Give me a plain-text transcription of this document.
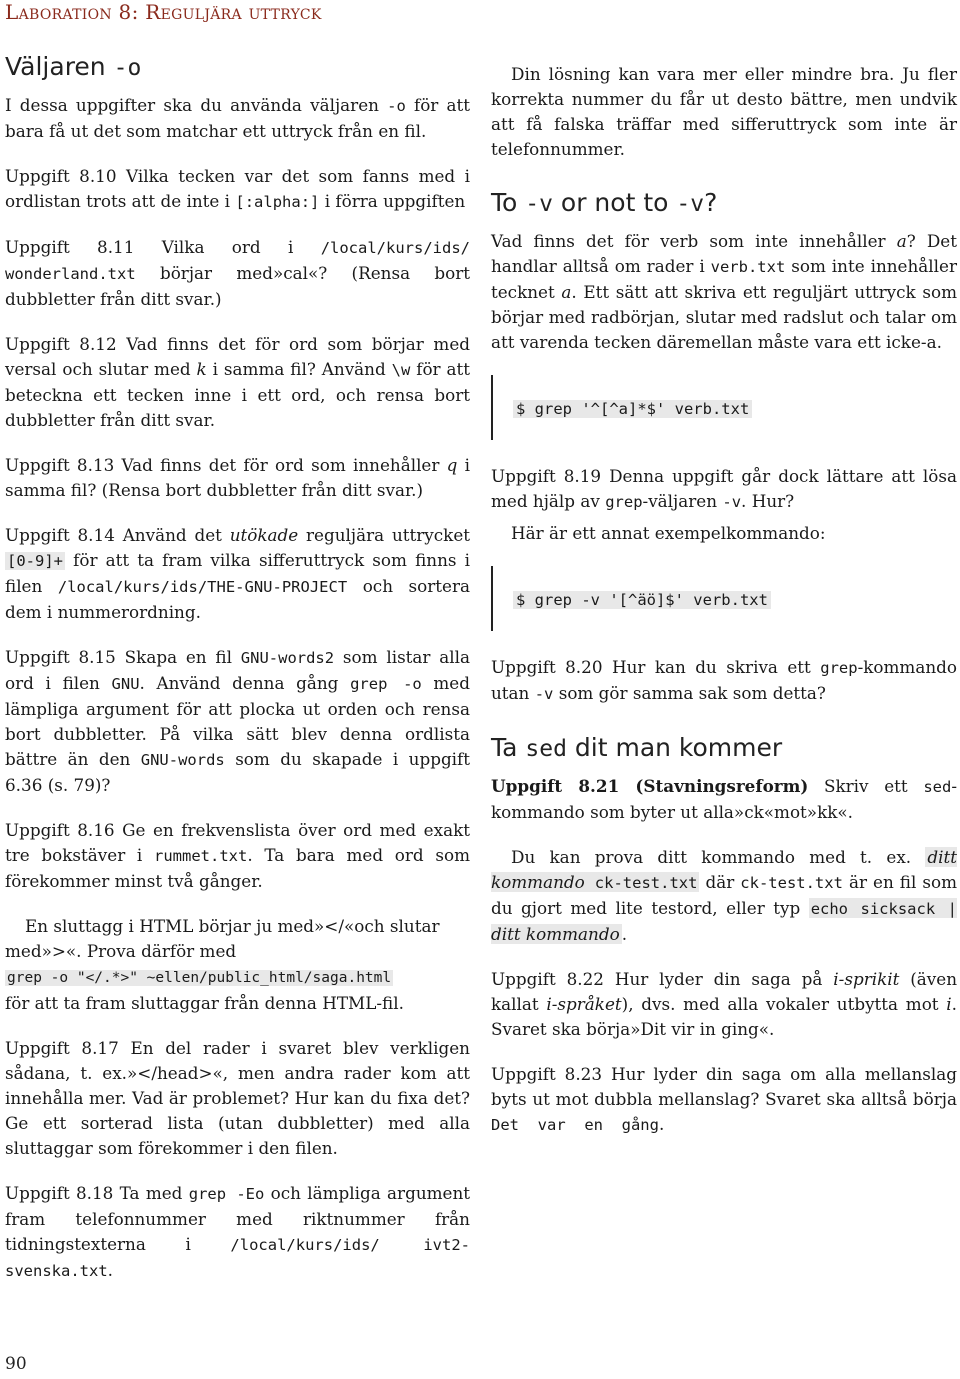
Laboration 8: Reguljära uttryck
Väljaren -o

I dessa uppgifter ska du använda väljaren -o för att bara få ut det som matchar ett uttryck från en fil.

Uppgift 8.10 Vilka tecken var det som fanns med i ordlistan trots att de inte i [:alpha:] i förra uppgiften

Uppgift 8.11 Vilka ord i /local/kurs/ids/ wonderland.txt börjar med»cal«? (Rensa bort dubbletter från ditt svar.)

Uppgift 8.12 Vad finns det för ord som börjar med versal och slutar med k i samma fil? Använd \w för att beteckna ett tecken inne i ett ord, och rensa bort dubbletter från ditt svar.

Uppgift 8.13 Vad finns det för ord som innehåller q i samma fil? (Rensa bort dubbletter från ditt svar.)

Uppgift 8.14 Använd det utökade reguljära uttrycket [0-9]+ för att ta fram vilka sifferuttryck som finns i filen /local/kurs/ids/THE-GNU-PROJECT och sortera dem i nummerordning.

Uppgift 8.15 Skapa en fil GNU-words2 som listar alla ord i filen GNU. Använd denna gång grep -o med lämpliga argument för att plocka ut orden och rensa bort dubbletter. På vilka sätt blev denna ordlista bättre än den GNU-words som du skapade i uppgift 6.36 (s. 79)?

Uppgift 8.16 Ge en frekvenslista över ord med exakt tre bokstäver i rummet.txt. Ta bara med ord som förekommer minst två gånger.

En sluttagg i HTML börjar ju med»</«och slutar med»>«. Prova därför med
grep -o "</.*>" ~ellen/public_html/saga.html
för att ta fram sluttaggar från denna HTML-fil.

Uppgift 8.17 En del rader i svaret blev verkligen sådana, t. ex.»</head>«, men andra rader kom att innehålla mer. Vad är problemet? Hur kan du fixa det? Ge ett sorterad lista (utan dubbletter) med alla sluttaggar som förekommer i den filen.

Uppgift 8.18 Ta med grep -Eo och lämpliga argument fram telefonnummer med riktnummer från tidningstexterna i /local/kurs/ids/ ivt2-svenska.txt.

Din lösning kan vara mer eller mindre bra. Ju fler korrekta nummer du får ut desto bättre, men undvik att få falska träffar med sifferuttryck som inte är telefonnummer.

To -v or not to -v?

Vad finns det för verb som inte innehåller a? Det handlar alltså om rader i verb.txt som inte innehåller tecknet a. Ett sätt att skriva ett reguljärt uttryck som börjar med radbörjan, slutar med radslut och talar om att varenda tecken däremellan måste vara ett icke-a.

$ grep '^[^a]*$' verb.txt

Uppgift 8.19 Denna uppgift går dock lättare att lösa med hjälp av grep-väljaren -v. Hur?

Här är ett annat exempelkommando:

$ grep -v '[^äö]$' verb.txt

Uppgift 8.20 Hur kan du skriva ett grep-kommando utan -v som gör samma sak som detta?

Ta sed dit man kommer

Uppgift 8.21 (Stavningsreform) Skriv ett sed-kommando som byter ut alla»ck«mot»kk«.

Du kan prova ditt kommando med t. ex. ditt kommando ck-test.txt där ck-test.txt är en fil som du gjort med lite testord, eller typ echo sicksack | ditt kommando .

Uppgift 8.22 Hur lyder din saga på i-sprikit (även kallat i-språket), dvs. med alla vokaler utbytta mot i. Svaret ska börja»Dit vir in ging«.

Uppgift 8.23 Hur lyder din saga om alla mellanslag byts ut mot dubbla mellanslag? Svaret ska alltså börja Det  var  en  gång.

90
